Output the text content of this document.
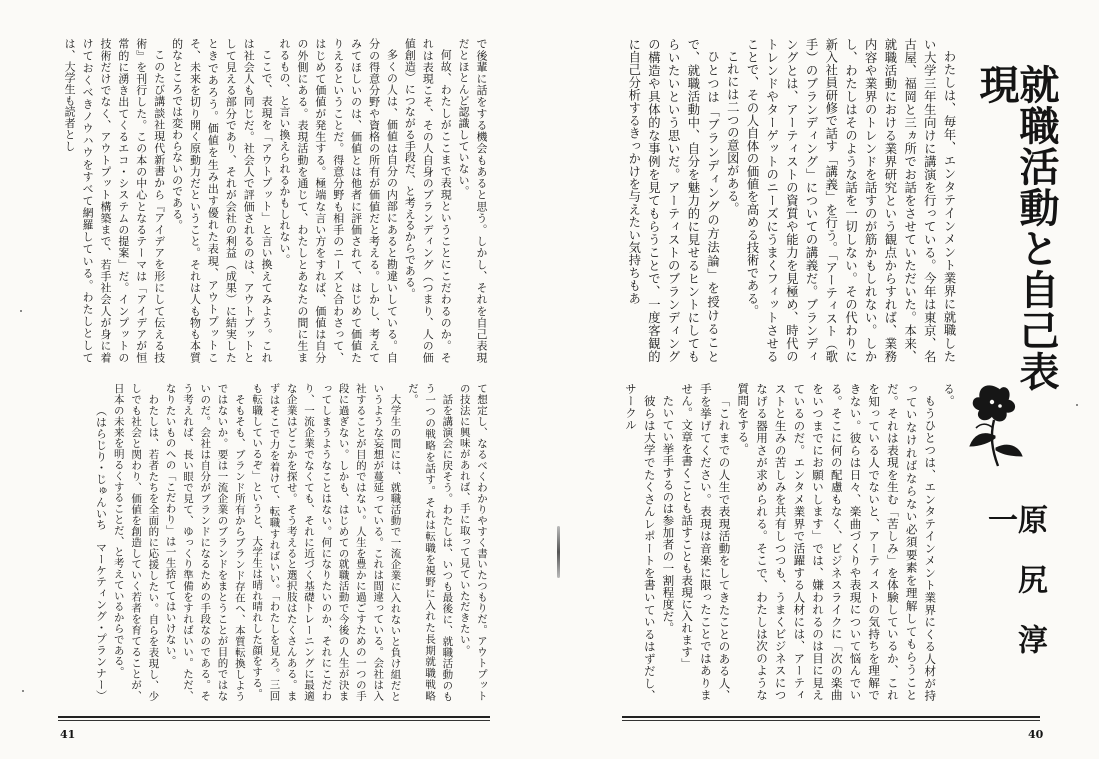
で後輩に話をする機会もあると思う。しかし、それを自己表現だとほとんど認識していない。

何故、わたしがここまで表現ということにこだわるのか。それは表現こそ、その人自身のブランディング（つまり、人の価値創造）につながる手段だ、と考えるからである。

多くの人は、価値は自分の内部にあると勘違いしている。自分の得意分野や資格の所有が価値だと考える。しかし、考えてみてほしいのは、価値とは他者に評価されて、はじめて価値たりえるということだ。得意分野も相手のニーズと合わさって、はじめて価値が発生する。極端な言い方をすれば、価値は自分の外側にある。表現活動を通じて、わたしとあなたの間に生まれるもの、と言い換えられるかもしれない。

ここで、表現を「アウトプット」と言い換えてみよう。これは社会人も同じだ。社会人で評価されるのは、アウトプットとして見える部分であり、それが会社の利益（成果）に結実したときであろう。価値を生み出す優れた表現、アウトプットこそ、未来を切り開く原動力だということ。それは人も物も本質的なところでは変わらないのである。

このたび講談社現代新書から『アイデアを形にして伝える技術』を刊行した。この本の中心となるテーマは「アイデアが恒常的に湧き出てくるエコ・システムの提案」だ。インプットの技術だけでなく、アウトプット構築まで、若手社会人が身に着けておくべきノウハウをすべて網羅している。わたしとしては、大学生も読者とし

て想定し、なるべくわかりやすく書いたつもりだ。アウトプットの技法に興味があれば、手に取って見ていただきたい。

話を講演会に戻そう。わたしは、いつも最後に、就職活動のもう一つの戦略を話す。それは転職を視野に入れた長期就職戦略だ。

大学生の間には、就職活動で一流企業に入れないと負け組だというような妄想が蔓延っている。これは間違っている。会社は入社することが目的ではない。人生を豊かに過ごすための一つの手段に過ぎない。しかも、はじめての就職活動で今後の人生が決まってしまうようなことはない。何になりたいのか、それにこだわり、一流企業でなくても、それに近づく基礎トレーニングに最適な企業はどこかを探せ。そう考えると選択肢はたくさんある。まずはそこで力を着けて、転職すればいい。「わたしを見ろ。三回も転職しているぞ」というと、大学生は晴れ晴れした顔をする。

そもそも、ブランド所有からブランド存在へ、本質転換しようではないか。要は一流企業のブランドをまとうことが目的ではないのだ。会社は自分がブランドになるための手段なのである。そう考えれば、長い眼で見て、ゆっくり準備をすればいい。ただ、なりたいものへの「こだわり」は一生捨ててはいけない。

わたしは、若者たちを全面的に応援したい。自らを表現し、少しでも社会と関わり、価値を創造していく若者を育てることが、日本の未来を明るくすることだ、と考えているからである。

（はらじり・じゅんいち　マーケティング・プランナー）

41

わたしは、毎年、エンタテインメント業界に就職したい大学三年生向けに講演を行っている。今年は東京、名古屋、福岡と三ヵ所でお話をさせていただいた。本来、就職活動における業界研究という観点からすれば、業務内容や業界のトレンドを話すのが筋かもしれない。しかし、わたしはそのような話を一切しない。その代わりに新入社員研修で話す「講義」を行う。「アーティスト（歌手）のブランディング」についての講義だ。ブランディングとは、アーティストの資質や能力を見極め、時代のトレンドやターゲットのニーズにうまくフィットさせることで、その人自体の価値を高める技術である。

これには二つの意図がある。

ひとつは「ブランディングの方法論」を授けることで、就職活動中、自分を魅力的に見せるヒントにしてもらいたいという思いだ。アーティストのブランディングの構造や具体的な事例を見てもらうことで、一度客観的に自己分析するきっかけを与えたい気持ちもあ

る。

もうひとつは、エンタテインメント業界にくる人材が持っていなければならない必須要素を理解してもらうことだ。それは表現を生む「苦しみ」を体験しているか、これを知っている人でないと、アーティストの気持ちを理解できない。彼らは日々、楽曲づくりや表現について悩んでいる。そこに何の配慮もなく、ビジネスライクに「次の楽曲をいつまでにお願いします」では、嫌われるのは目に見えているのだ。エンタメ業界で活躍する人材には、アーティストと生みの苦しみを共有しつつも、うまくビジネスにつなげる器用さが求められる。そこで、わたしは次のような質問をする。

「これまでの人生で表現活動をしてきたことのある人、手を挙げてください。表現は音楽に限ったことではありません。文章を書くことも話すことも表現に入れます」

たいてい挙手するのは参加者の一割程度だ。

彼らは大学でたくさんレポートを書いているはずだし、サークル

就職活動と自己表現
原尻淳一
40
